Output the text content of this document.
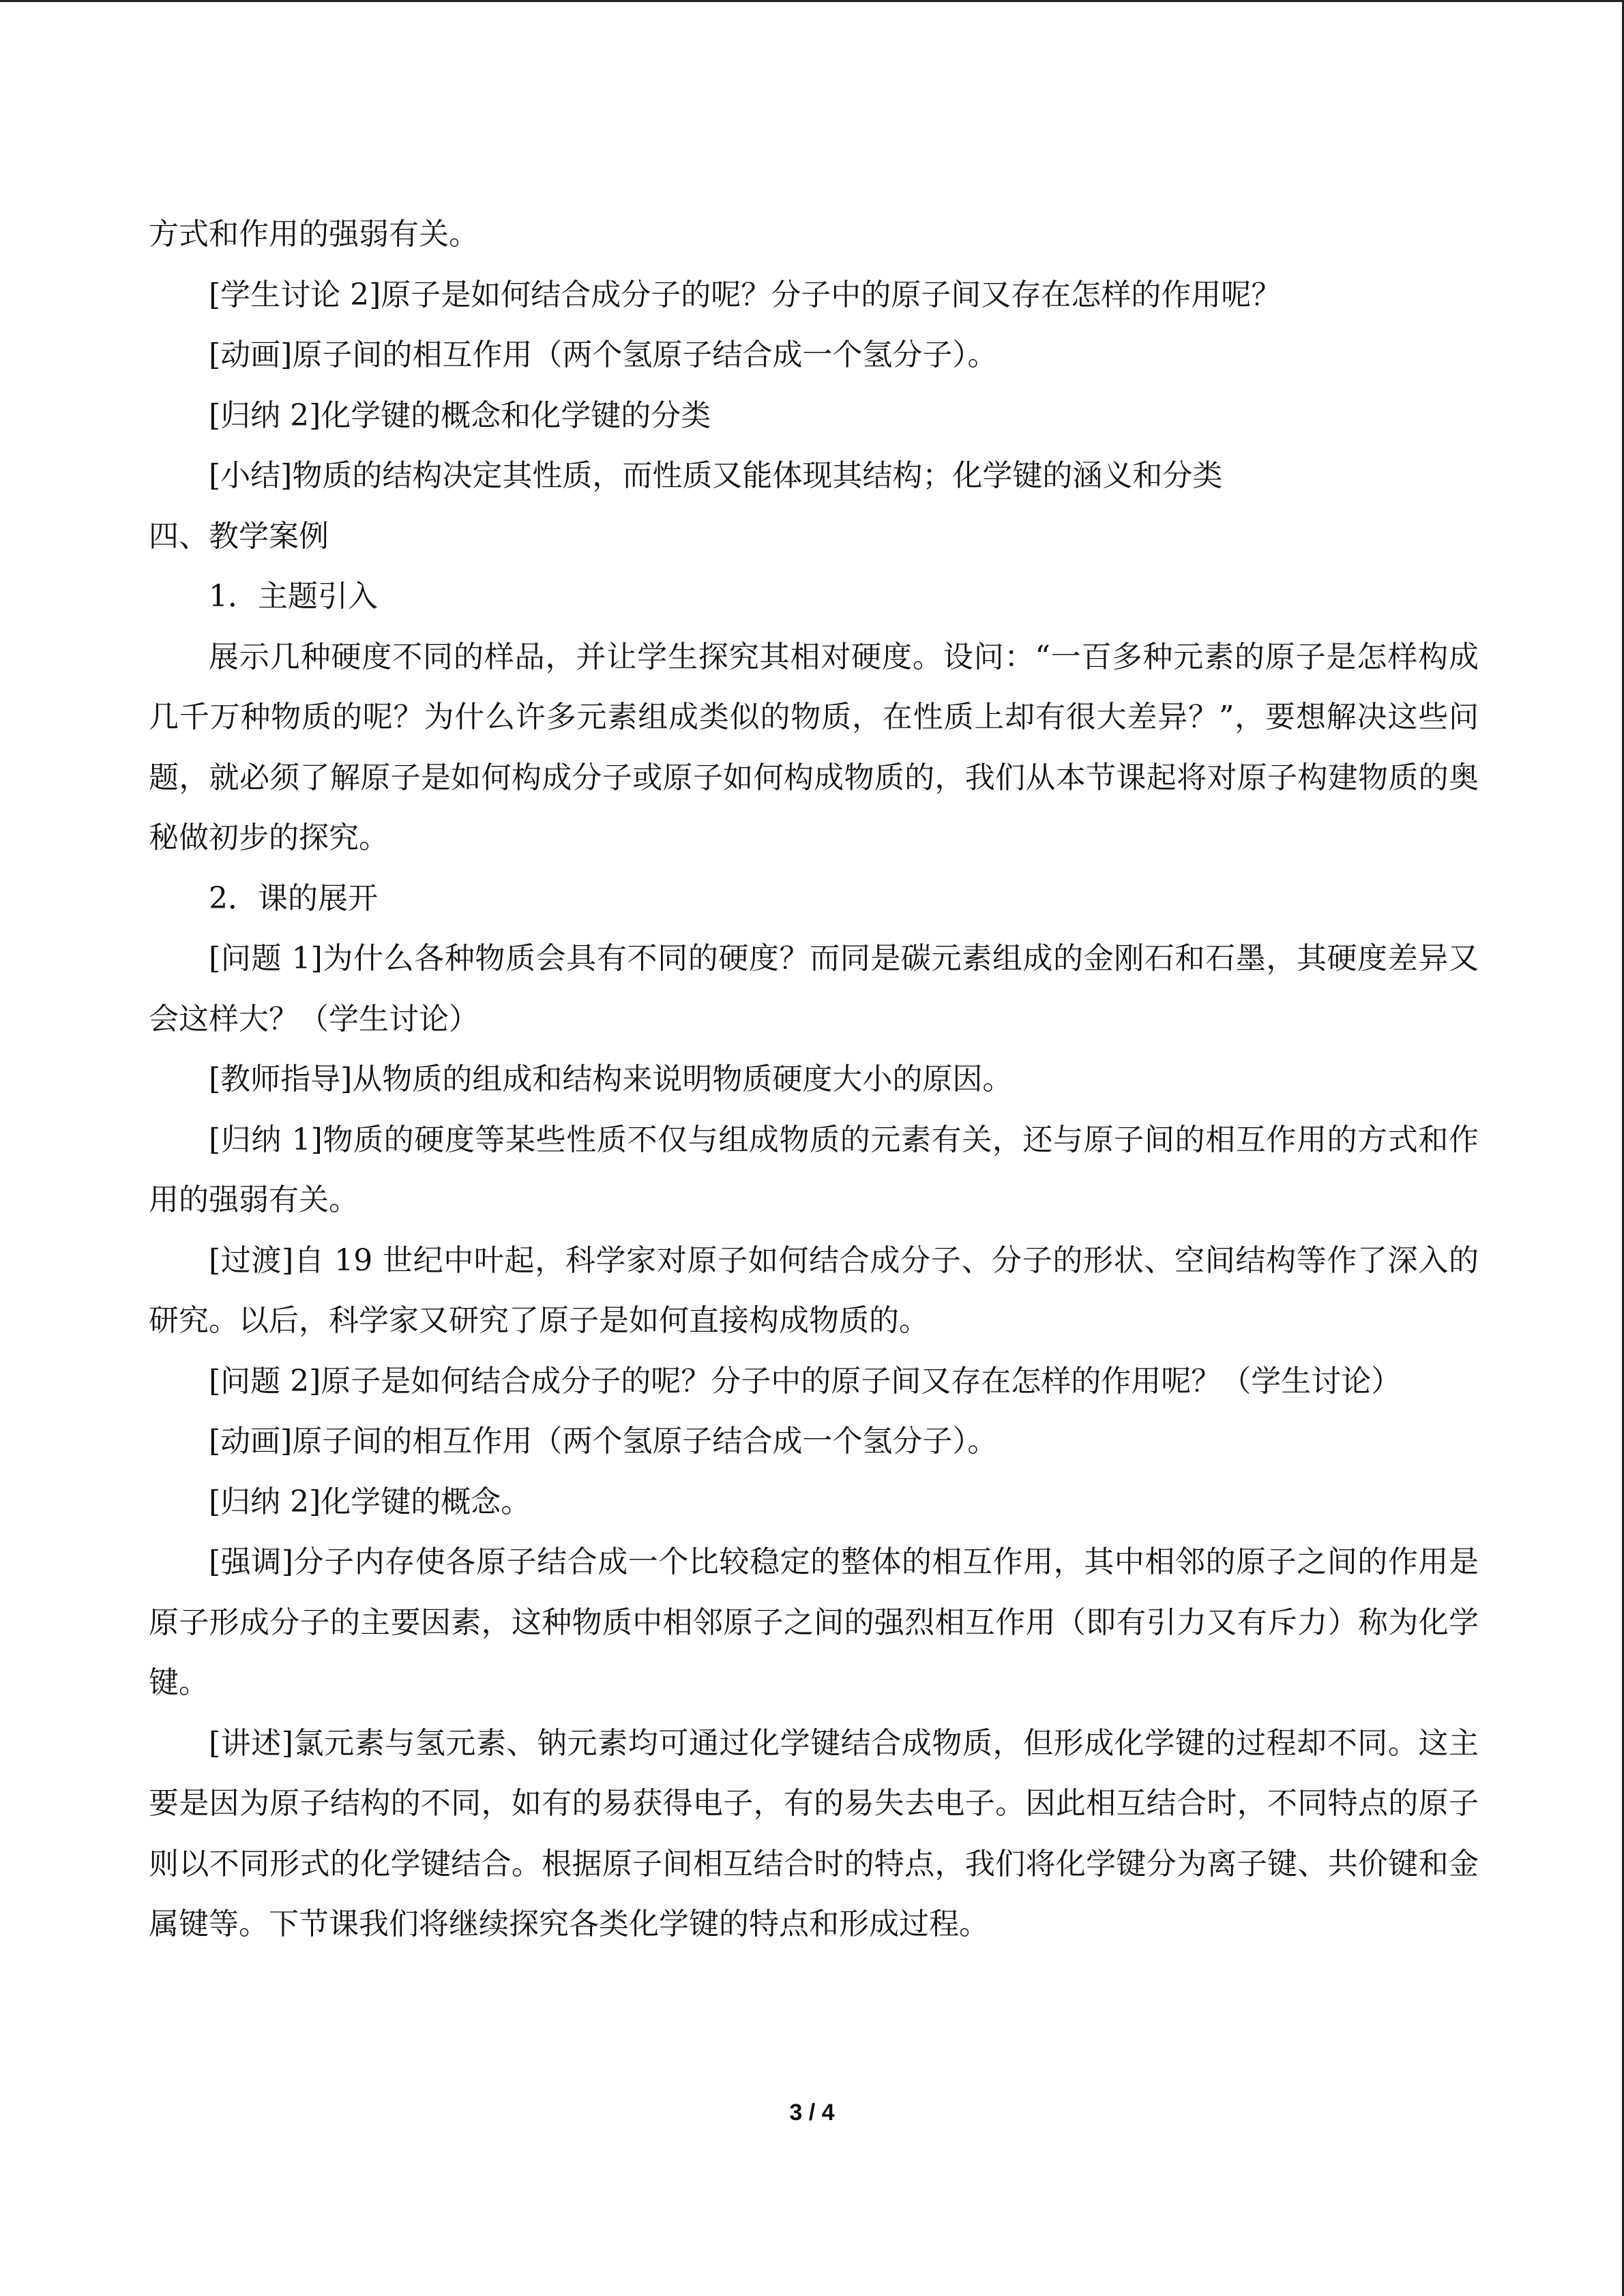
方式和作用的强弱有关。

[学生讨论 2]原子是如何结合成分子的呢？分子中的原子间又存在怎样的作用呢？

[动画]原子间的相互作用（两个氢原子结合成一个氢分子）。

[归纳 2]化学键的概念和化学键的分类

[小结]物质的结构决定其性质，而性质又能体现其结构；化学键的涵义和分类

四、教学案例

1．主题引入

展示几种硬度不同的样品，并让学生探究其相对硬度。设问：“一百多种元素的原子是怎样构成几千万种物质的呢？为什么许多元素组成类似的物质，在性质上却有很大差异？”，要想解决这些问题，就必须了解原子是如何构成分子或原子如何构成物质的，我们从本节课起将对原子构建物质的奥秘做初步的探究。

2．课的展开

[问题 1]为什么各种物质会具有不同的硬度？而同是碳元素组成的金刚石和石墨，其硬度差异又会这样大？（学生讨论）

[教师指导]从物质的组成和结构来说明物质硬度大小的原因。

[归纳 1]物质的硬度等某些性质不仅与组成物质的元素有关，还与原子间的相互作用的方式和作用的强弱有关。

[过渡]自 19 世纪中叶起，科学家对原子如何结合成分子、分子的形状、空间结构等作了深入的研究。以后，科学家又研究了原子是如何直接构成物质的。

[问题 2]原子是如何结合成分子的呢？分子中的原子间又存在怎样的作用呢？（学生讨论）

[动画]原子间的相互作用（两个氢原子结合成一个氢分子）。

[归纳 2]化学键的概念。

[强调]分子内存使各原子结合成一个比较稳定的整体的相互作用，其中相邻的原子之间的作用是原子形成分子的主要因素，这种物质中相邻原子之间的强烈相互作用（即有引力又有斥力）称为化学键。

[讲述]氯元素与氢元素、钠元素均可通过化学键结合成物质，但形成化学键的过程却不同。这主要是因为原子结构的不同，如有的易获得电子，有的易失去电子。因此相互结合时，不同特点的原子则以不同形式的化学键结合。根据原子间相互结合时的特点，我们将化学键分为离子键、共价键和金属键等。下节课我们将继续探究各类化学键的特点和形成过程。

3 / 4
